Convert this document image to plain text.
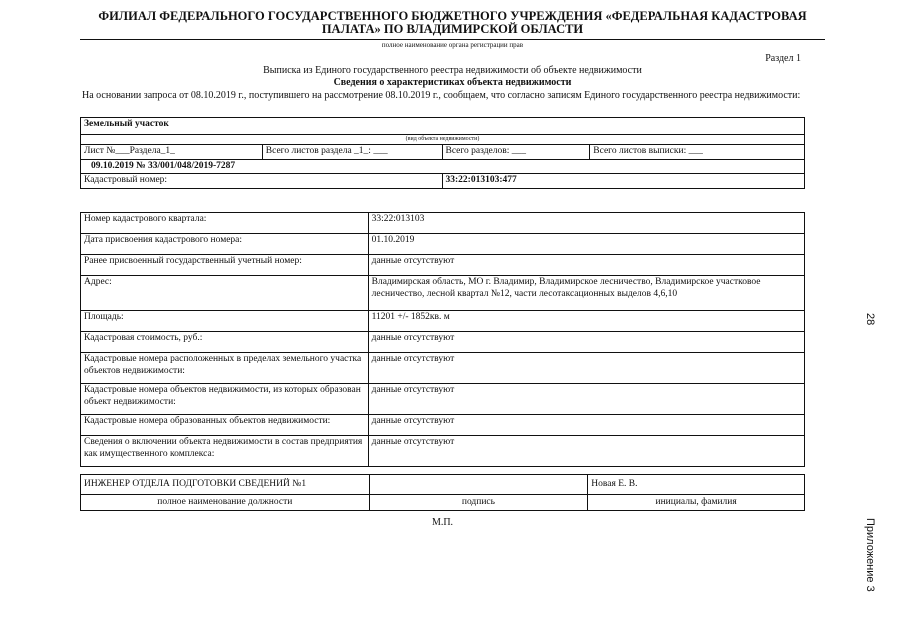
ФИЛИАЛ ФЕДЕРАЛЬНОГО ГОСУДАРСТВЕННОГО БЮДЖЕТНОГО УЧРЕЖДЕНИЯ «ФЕДЕРАЛЬНАЯ КАДАСТРОВАЯ ПАЛАТА» ПО ВЛАДИМИРСКОЙ ОБЛАСТИ
полное наименование органа регистрации прав
Раздел 1
Выписка из Единого государственного реестра недвижимости об объекте недвижимости
Сведения о характеристиках объекта недвижимости
На основании запроса от 08.10.2019 г., поступившего на рассмотрение 08.10.2019 г., сообщаем, что согласно записям Единого государственного реестра недвижимости:
Земельный участок			
(вид объекта недвижимости)			
Лист №___Раздела_1_	Всего листов раздела _1_: ___	Всего разделов: ___	Всего листов выписки: ___
09.10.2019 № 33/001/048/2019-7287			
Кадастровый номер:		33:22:013103:477	
Номер кадастрового квартала:	33:22:013103
Дата присвоения кадастрового номера:	01.10.2019
Ранее присвоенный государственный учетный номер:	данные отсутствуют
Адрес:	Владимирская область, МО г. Владимир, Владимирское лесничество, Владимирское участковое лесничество, лесной квартал №12, части лесотаксационных выделов 4,6,10
Площадь:	11201 +/- 1852кв. м
Кадастровая стоимость, руб.:	данные отсутствуют
Кадастровые номера расположенных в пределах земельного участка объектов недвижимости:	данные отсутствуют
Кадастровые номера объектов недвижимости, из которых образован объект недвижимости:	данные отсутствуют
Кадастровые номера образованных объектов недвижимости:	данные отсутствуют
Сведения о включении объекта недвижимости в состав предприятия как имущественного комплекса:	данные отсутствуют
ИНЖЕНЕР ОТДЕЛА ПОДГОТОВКИ СВЕДЕНИЙ №1		Новая Е. В.
полное наименование должности	подпись	инициалы, фамилия
М.П.
28
Приложение 3
